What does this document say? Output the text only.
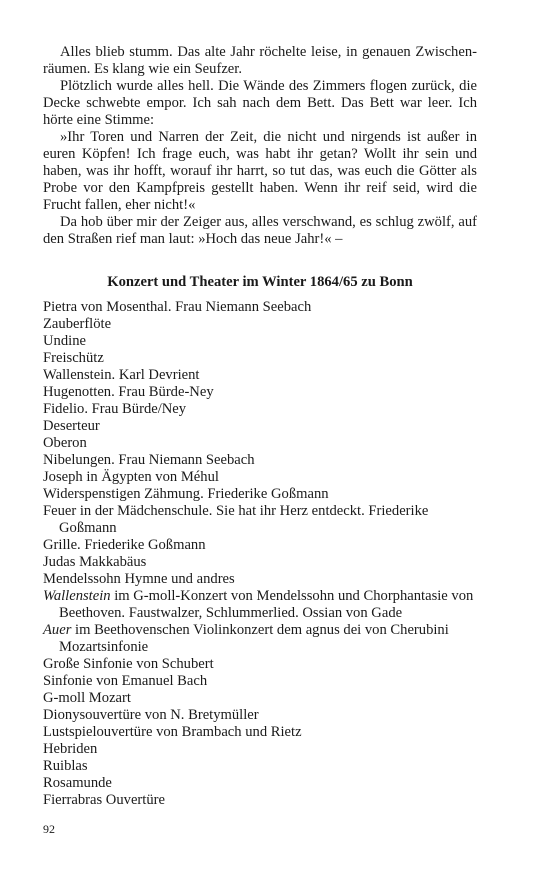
Alles blieb stumm. Das alte Jahr röchelte leise, in genauen Zwischenräumen. Es klang wie ein Seufzer.

Plötzlich wurde alles hell. Die Wände des Zimmers flogen zurück, die Decke schwebte empor. Ich sah nach dem Bett. Das Bett war leer. Ich hörte eine Stimme:

»Ihr Toren und Narren der Zeit, die nicht und nirgends ist außer in euren Köpfen! Ich frage euch, was habt ihr getan? Wollt ihr sein und haben, was ihr hofft, worauf ihr harrt, so tut das, was euch die Götter als Probe vor den Kampfpreis gestellt haben. Wenn ihr reif seid, wird die Frucht fallen, eher nicht!«

Da hob über mir der Zeiger aus, alles verschwand, es schlug zwölf, auf den Straßen rief man laut: »Hoch das neue Jahr!« –

Konzert und Theater im Winter 1864/65 zu Bonn
Pietra von Mosenthal. Frau Niemann Seebach
Zauberflöte
Undine
Freischütz
Wallenstein. Karl Devrient
Hugenotten. Frau Bürde-Ney
Fidelio. Frau Bürde/Ney
Deserteur
Oberon
Nibelungen. Frau Niemann Seebach
Joseph in Ägypten von Méhul
Widerspenstigen Zähmung. Friederike Goßmann
Feuer in der Mädchenschule. Sie hat ihr Herz entdeckt. Friederike Goßmann
Grille. Friederike Goßmann
Judas Makkabäus
Mendelssohn Hymne und andres
Wallenstein im G-moll-Konzert von Mendelssohn und Chorphantasie von Beethoven. Faustwalzer, Schlummerlied. Ossian von Gade
Auer im Beethovenschen Violinkonzert dem agnus dei von Cherubini Mozartsinfonie
Große Sinfonie von Schubert
Sinfonie von Emanuel Bach
G-moll Mozart
Dionysouvertüre von N. Bretymüller
Lustspielouvertüre von Brambach und Rietz
Hebriden
Ruiblas
Rosamunde
Fierrabras Ouvertüre
92
